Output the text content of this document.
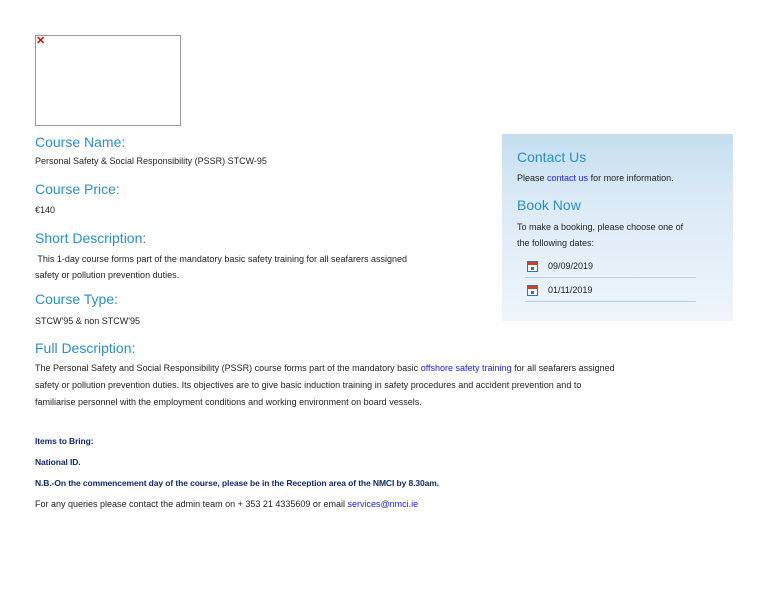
✕
Course Name:

Personal Safety & Social Responsibility (PSSR) STCW-95

Course Price:

€140

Short Description:

This 1-day course forms part of the mandatory basic safety training for all seafarers assigned

safety or pollution prevention duties.

Course Type:

STCW'95 & non STCW'95

Full Description:

The Personal Safety and Social Responsibility (PSSR) course forms part of the mandatory basic offshore safety training for all seafarers assigned

safety or pollution prevention duties. Its objectives are to give basic induction training in safety procedures and accident prevention and to

familiarise personnel with the employment conditions and working environment on board vessels.

Items to Bring:
National ID.
N.B.-On the commencement day of the course, please be in the Reception area of the NMCI by 8.30am.

For any queries please contact the admin team on + 353 21 4335609 or email services@nmci.ie

Contact Us

Please contact us for more information.

Book Now

To make a booking, please choose one of

the following dates:

09/09/2019
01/11/2019
